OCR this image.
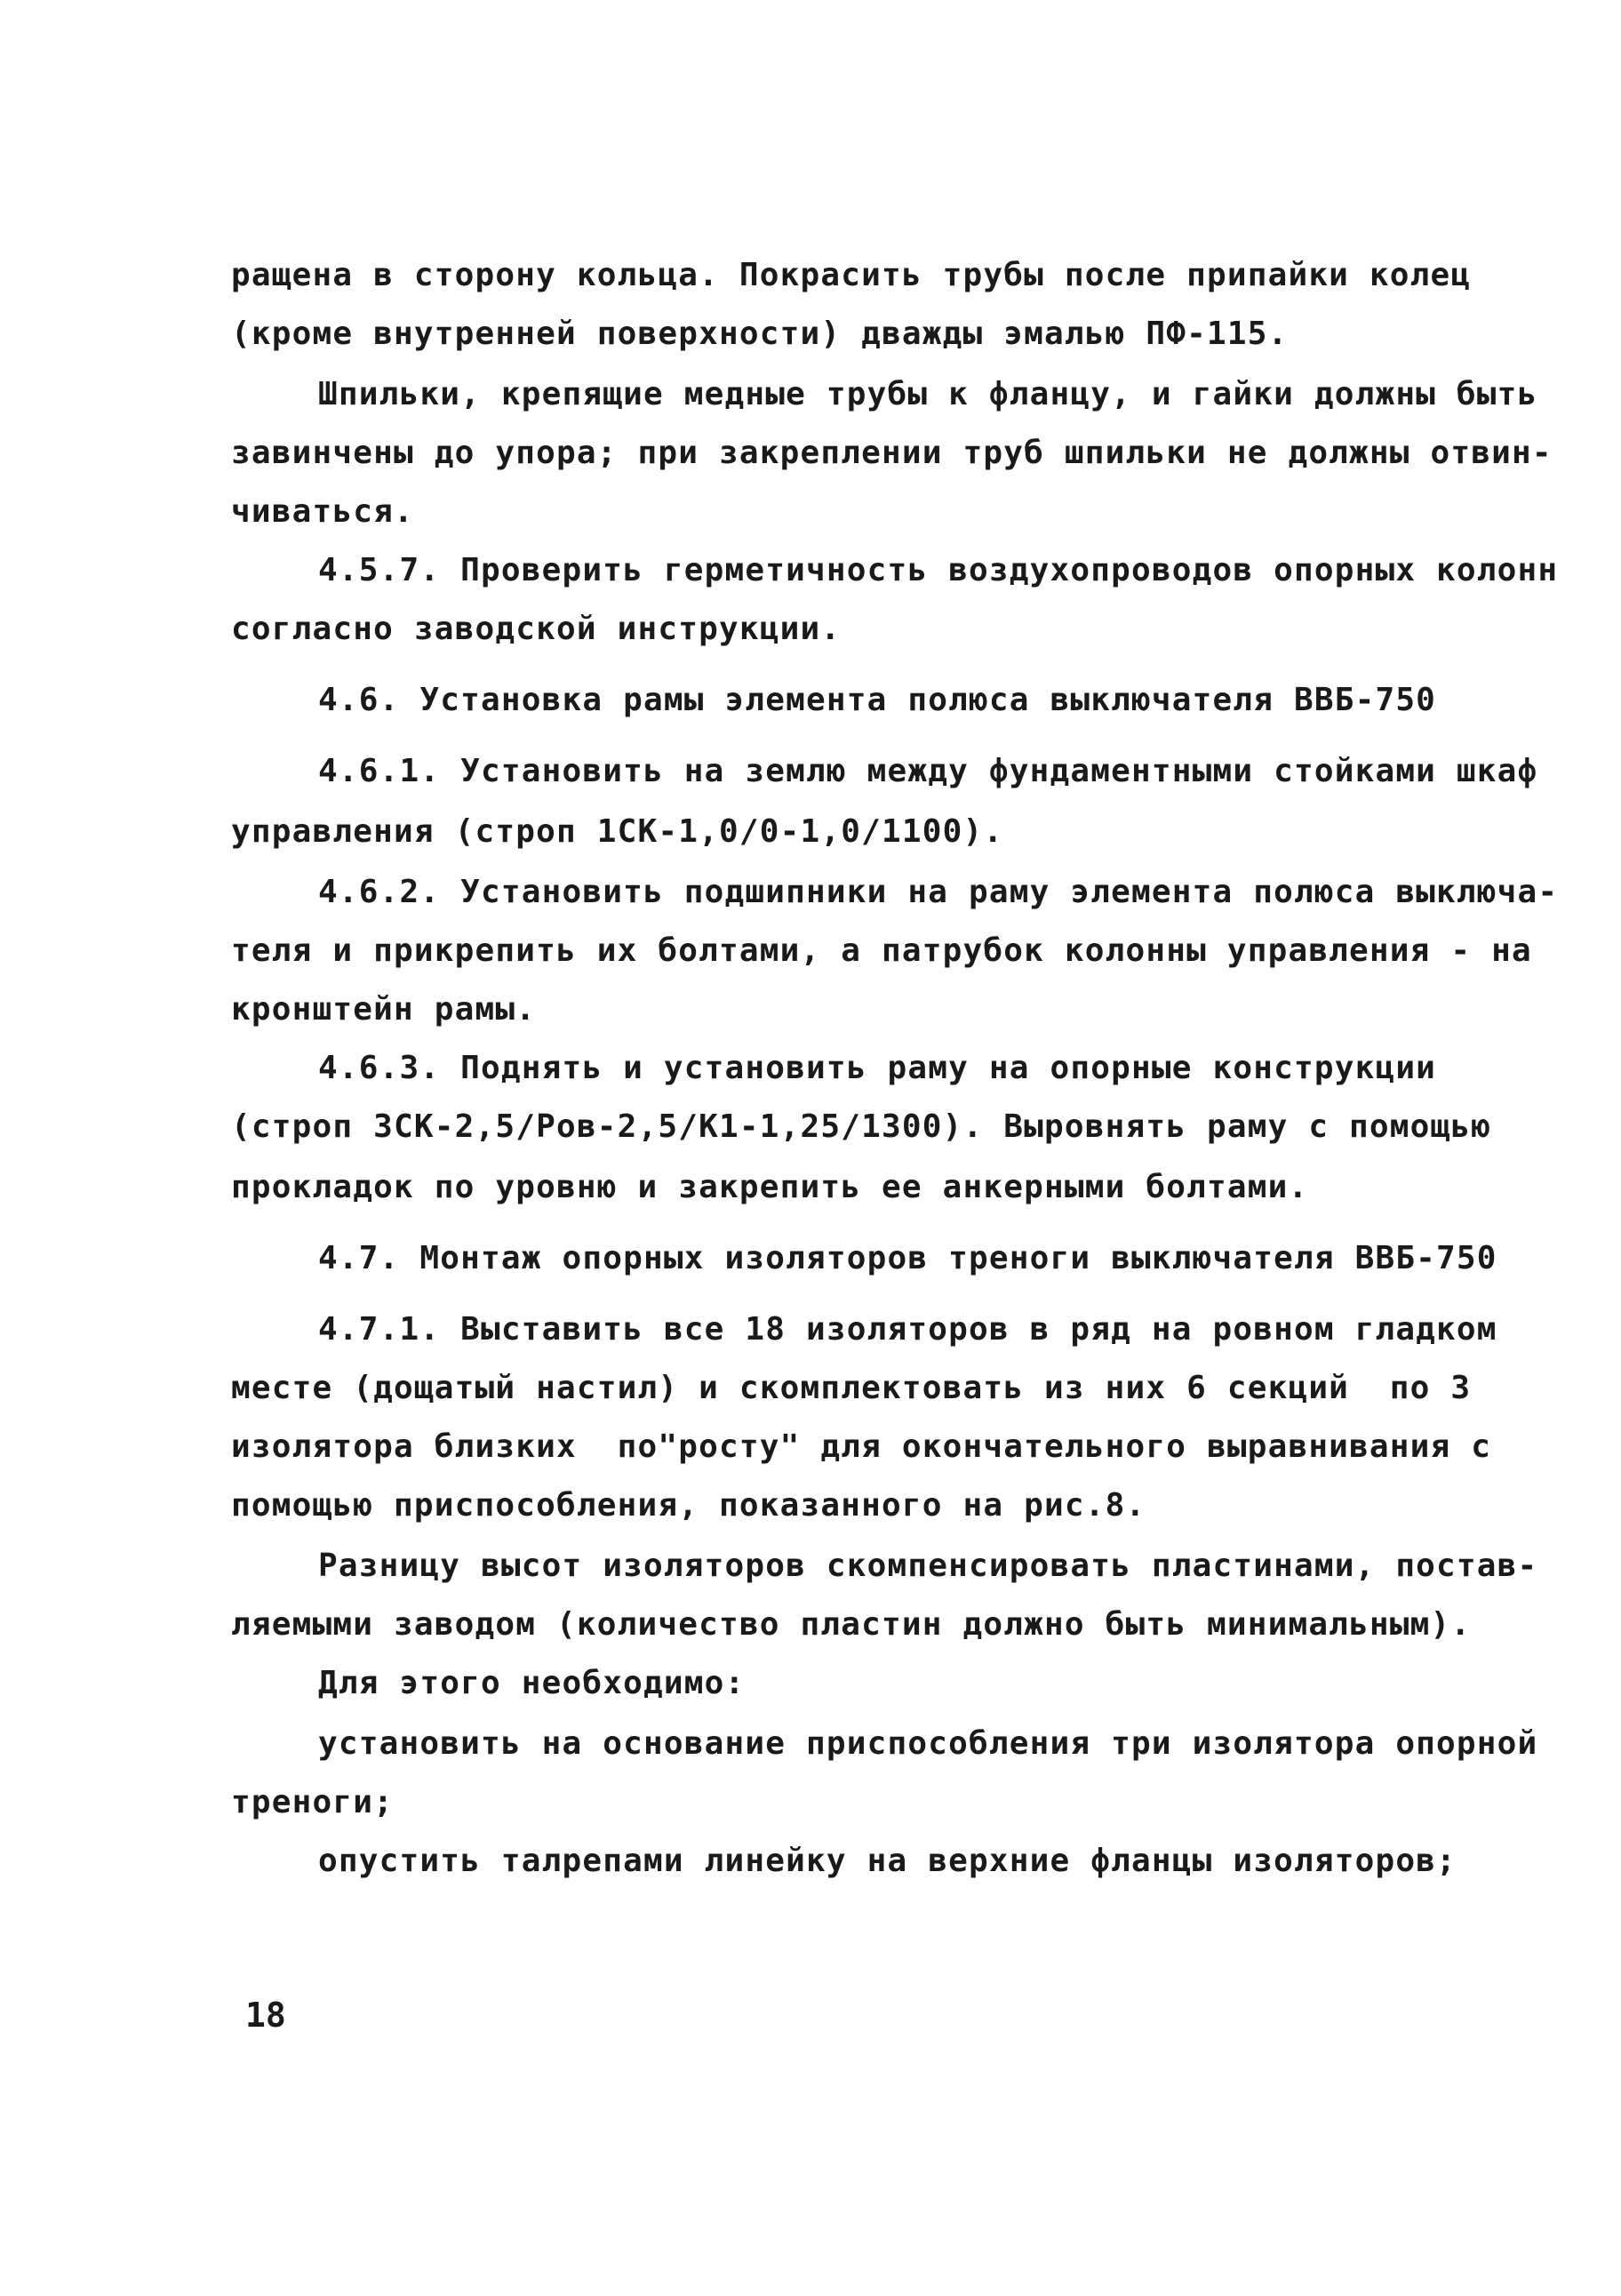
ращена в сторону кольца. Покрасить трубы после припайки колец
(кроме внутренней поверхности) дважды эмалью ПФ-115.
Шпильки, крепящие медные трубы к фланцу, и гайки должны быть
завинчены до упора; при закреплении труб шпильки не должны отвин-
чиваться.
4.5.7. Проверить герметичность воздухопроводов опорных колонн
согласно заводской инструкции.
4.6. Установка рамы элемента полюса выключателя ВВБ-750
4.6.1. Установить на землю между фундаментными стойками шкаф
управления (строп 1СК-1,0/0-1,0/1100).
4.6.2. Установить подшипники на раму элемента полюса выключа-
теля и прикрепить их болтами, а патрубок колонны управления - на
кронштейн рамы.
4.6.3. Поднять и установить раму на опорные конструкции
(строп 3СК-2,5/Ров-2,5/К1-1,25/1300). Выровнять раму с помощью
прокладок по уровню и закрепить ее анкерными болтами.
4.7. Монтаж опорных изоляторов треноги выключателя ВВБ-750
4.7.1. Выставить все 18 изоляторов в ряд на ровном гладком
месте (дощатый настил) и скомплектовать из них 6 секций  по 3
изолятора близких  по"росту" для окончательного выравнивания с
помощью приспособления, показанного на рис.8.
Разницу высот изоляторов скомпенсировать пластинами, постав-
ляемыми заводом (количество пластин должно быть минимальным).
Для этого необходимо:
установить на основание приспособления три изолятора опорной
треноги;
опустить талрепами линейку на верхние фланцы изоляторов;
18
